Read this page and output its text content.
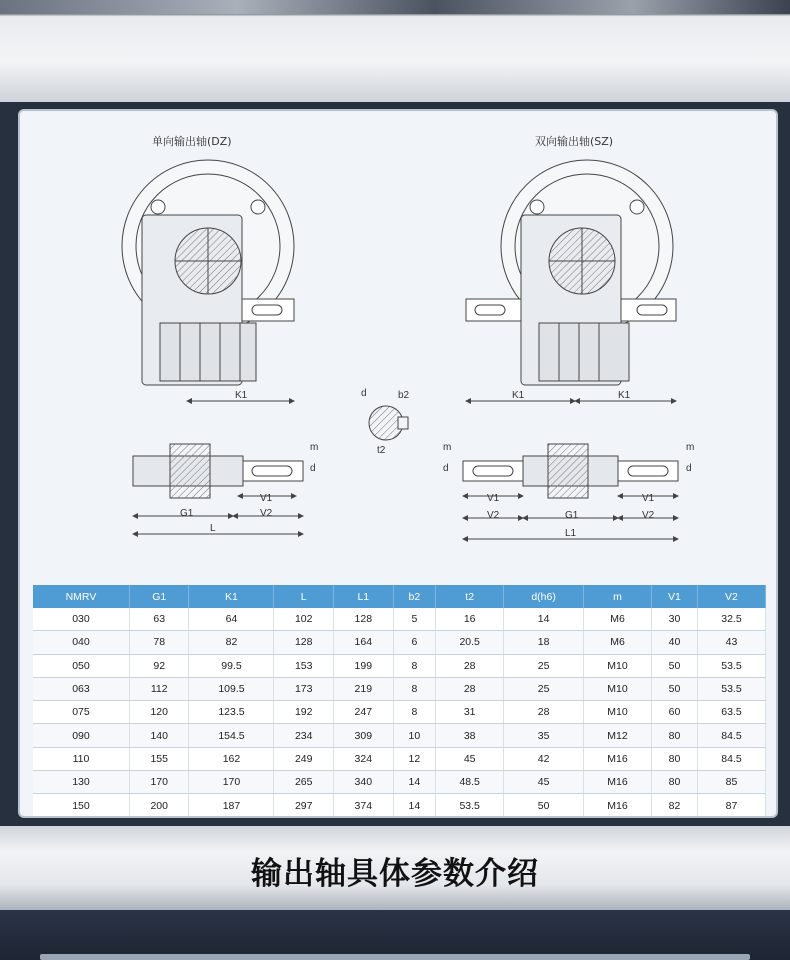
单向输出轴(DZ)	双向输出轴(SZ)
K1	K1	K1
d	b2
t2
V1
G1	V2
L
m
d
m
d
m
d
V1	V1
V2	G1	V2
L1
NMRV	G1	K1	L	L1	b2	t2	d(h6)	m	V1	V2
030	63	64	102	128	5	16	14	M6	30	32.5
040	78	82	128	164	6	20.5	18	M6	40	43
050	92	99.5	153	199	8	28	25	M10	50	53.5
063	112	109.5	173	219	8	28	25	M10	50	53.5
075	120	123.5	192	247	8	31	28	M10	60	63.5
090	140	154.5	234	309	10	38	35	M12	80	84.5
110	155	162	249	324	12	45	42	M16	80	84.5
130	170	170	265	340	14	48.5	45	M16	80	85
150	200	187	297	374	14	53.5	50	M16	82	87
输出轴具体参数介绍
